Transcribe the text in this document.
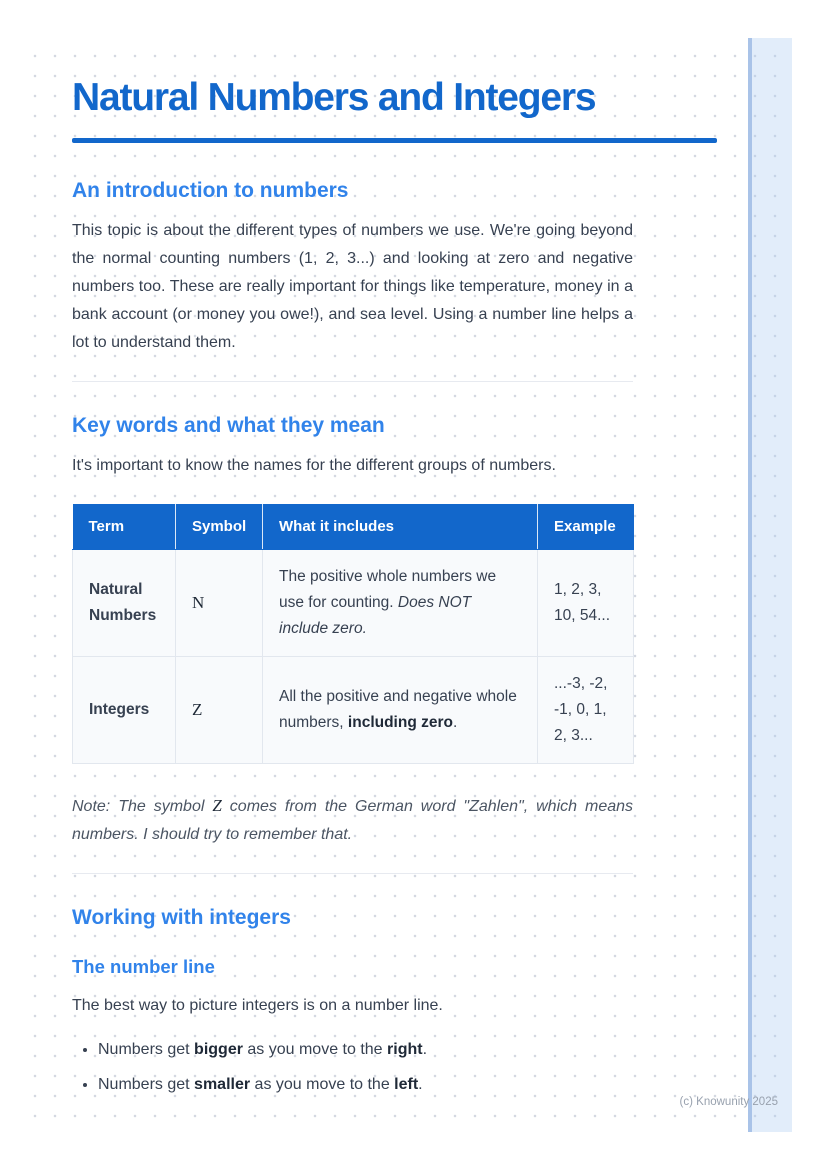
Natural Numbers and Integers
An introduction to numbers

This topic is about the different types of numbers we use. We're going beyond the normal counting numbers (1, 2, 3...) and looking at zero and negative numbers too. These are really important for things like temperature, money in a bank account (or money you owe!), and sea level. Using a number line helps a lot to understand them.

Key words and what they mean

It's important to know the names for the different groups of numbers.

Term	Symbol	What it includes	Example
Natural Numbers	N	The positive whole numbers we use for counting. Does NOT include zero.	1, 2, 3, 10, 54...
Integers	Z	All the positive and negative whole numbers, including zero.	...-3, -2, -1, 0, 1, 2, 3...

Note: The symbol Z comes from the German word "Zahlen", which means numbers. I should try to remember that.

Working with integers
The number line

The best way to picture integers is on a number line.

• Numbers get bigger as you move to the right.
• Numbers get smaller as you move to the left.
(c) Knowunity 2025
